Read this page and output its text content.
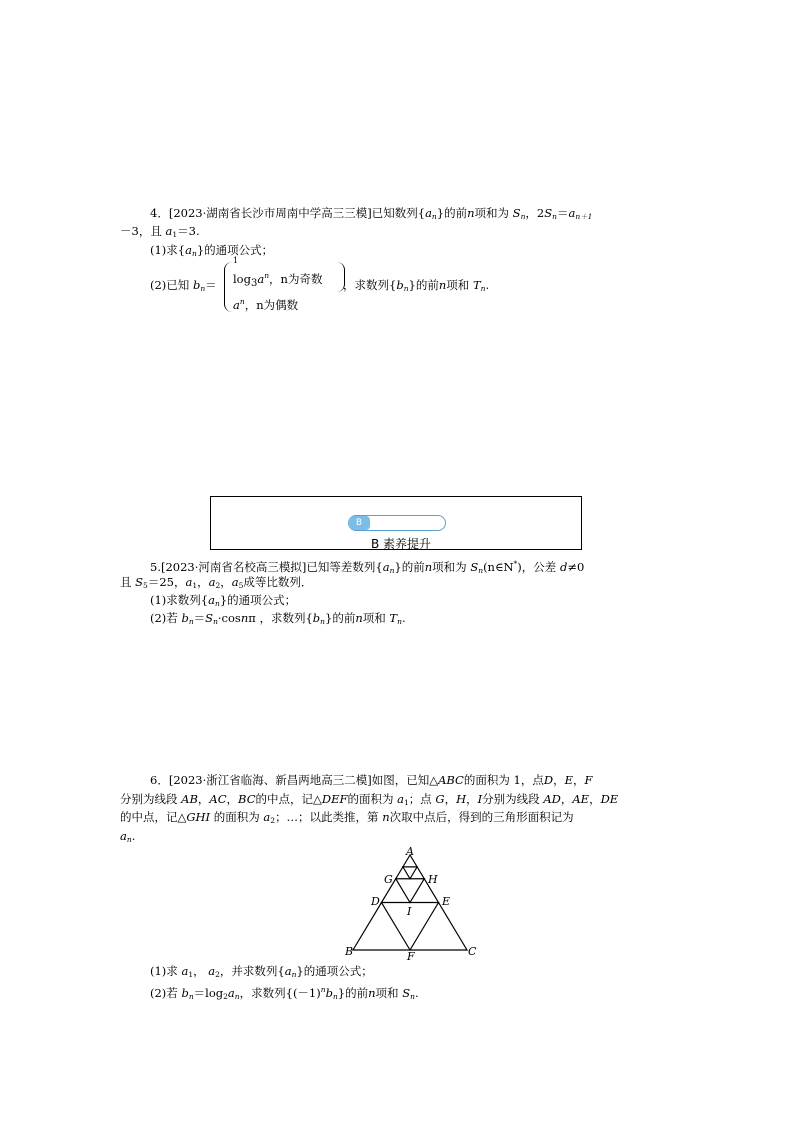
4．[2023·湖南省长沙市周南中学高三三模]已知数列$\{a_n\}$的前n项和为 $S_n$，$2S_n=a_{n+1}$
－3，且 $a_1=3$.
(1)求$\{a_n\}$的通项公式；
(2)已知 $b_n=$
1
$\log_3a^n$，n为奇数
$a^n$，n为偶数
，求数列$\{b_n\}$的前n项和 $T_n$.
B
B 素养提升
5.[2023·河南省名校高三模拟]已知等差数列$\{a_n\}$的前n项和为 $S_n(n\in N^*)$，公差 d≠0
且 $S_5=25$，$a_1$，$a_2$，$a_5$成等比数列．
(1)求数列$\{a_n\}$的通项公式；
(2)若 $b_n=S_n\cdot\cos n\pi$ ，求数列$\{b_n\}$的前n项和 $T_n$.
6．[2023·浙江省临海、新昌两地高三二模]如图，已知△ABC的面积为 1，点D，E，F
分别为线段 AB，AC，BC的中点，记△DEF的面积为 $a_1$；点 G，H，I分别为线段 AD，AE，DE
的中点，记△GHI 的面积为 $a_2$；…；以此类推，第 n次取中点后，得到的三角形面积记为
$a_n$.
A
G	H
D	E
I
B	F	C
(1)求 $a_1$， $a_2$，并求数列$\{a_n\}$的通项公式；
(2)若 $b_n=\log_2a_n$，求数列$\{(-1)^nb_n\}$的前n项和 $S_n$.
